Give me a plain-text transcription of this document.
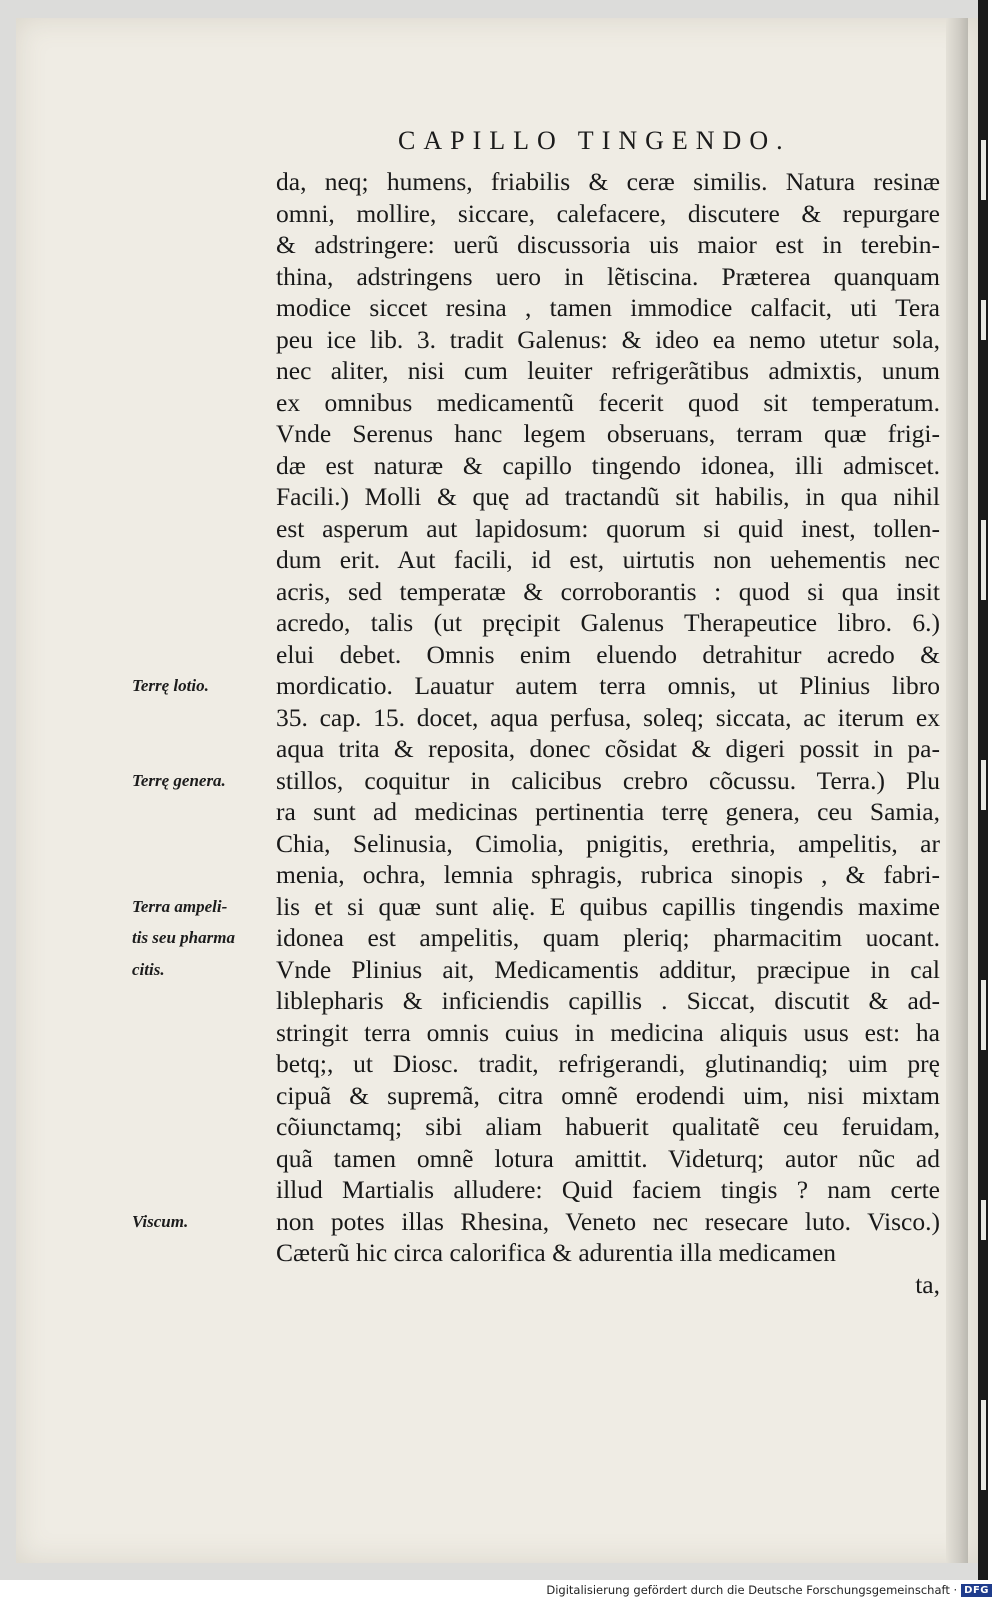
CAPILLO TINGENDO.
da, neq; humens, friabilis & ceræ similis. Natura resinæ
omni, mollire, siccare, calefacere, discutere & repurgare
& adstringere: uerũ discussoria uis maior est in terebin-
thina, adstringens uero in lẽtiscina. Præterea quanquam
modice siccet resina , tamen immodice calfacit, uti Tera
peu ice lib. 3. tradit Galenus: & ideo ea nemo utetur sola,
nec aliter, nisi cum leuiter refrigerãtibus admixtis, unum
ex omnibus medicamentũ fecerit quod sit temperatum.
Vnde Serenus hanc legem obseruans, terram quæ frigi-
dæ est naturæ & capillo tingendo idonea, illi admiscet.
Facili.) Molli & quę ad tractandũ sit habilis, in qua nihil
est asperum aut lapidosum: quorum si quid inest, tollen-
dum erit. Aut facili, id est, uirtutis non uehementis nec
acris, sed temperatæ & corroborantis : quod si qua insit
acredo, talis (ut pręcipit Galenus Therapeutice libro. 6.)
elui debet. Omnis enim eluendo detrahitur acredo &
mordicatio. Lauatur autem terra omnis, ut Plinius libro
35. cap. 15. docet, aqua perfusa, soleq; siccata, ac iterum ex
aqua trita & reposita, donec cõsidat & digeri possit in pa-
stillos, coquitur in calicibus crebro cõcussu. Terra.) Plu
ra sunt ad medicinas pertinentia terrę genera, ceu Samia,
Chia, Selinusia, Cimolia, pnigitis, erethria, ampelitis, ar
menia, ochra, lemnia sphragis, rubrica sinopis , & fabri-
lis et si quæ sunt alię. E quibus capillis tingendis maxime
idonea est ampelitis, quam pleriq; pharmacitim uocant.
Vnde Plinius ait, Medicamentis additur, præcipue in cal
liblepharis & inficiendis capillis . Siccat, discutit & ad-
stringit terra omnis cuius in medicina aliquis usus est: ha
betq;, ut Diosc. tradit, refrigerandi, glutinandiq; uim prę
cipuã & supremã, citra omnẽ erodendi uim, nisi mixtam
cõiunctamq; sibi aliam habuerit qualitatẽ ceu feruidam,
quã tamen omnẽ lotura amittit. Videturq; autor nũc ad
illud Martialis alludere: Quid faciem tingis ? nam certe
non potes illas Rhesina, Veneto nec resecare luto. Visco.)
Cæterũ hic circa calorifica & adurentia illa medicamen
ta,
Terrę lotio.
Terrę genera.
Terra ampeli-
tis seu pharma
citis.
Viscum.
Digitalisierung gefördert durch die Deutsche Forschungsgemeinschaft · DFG
